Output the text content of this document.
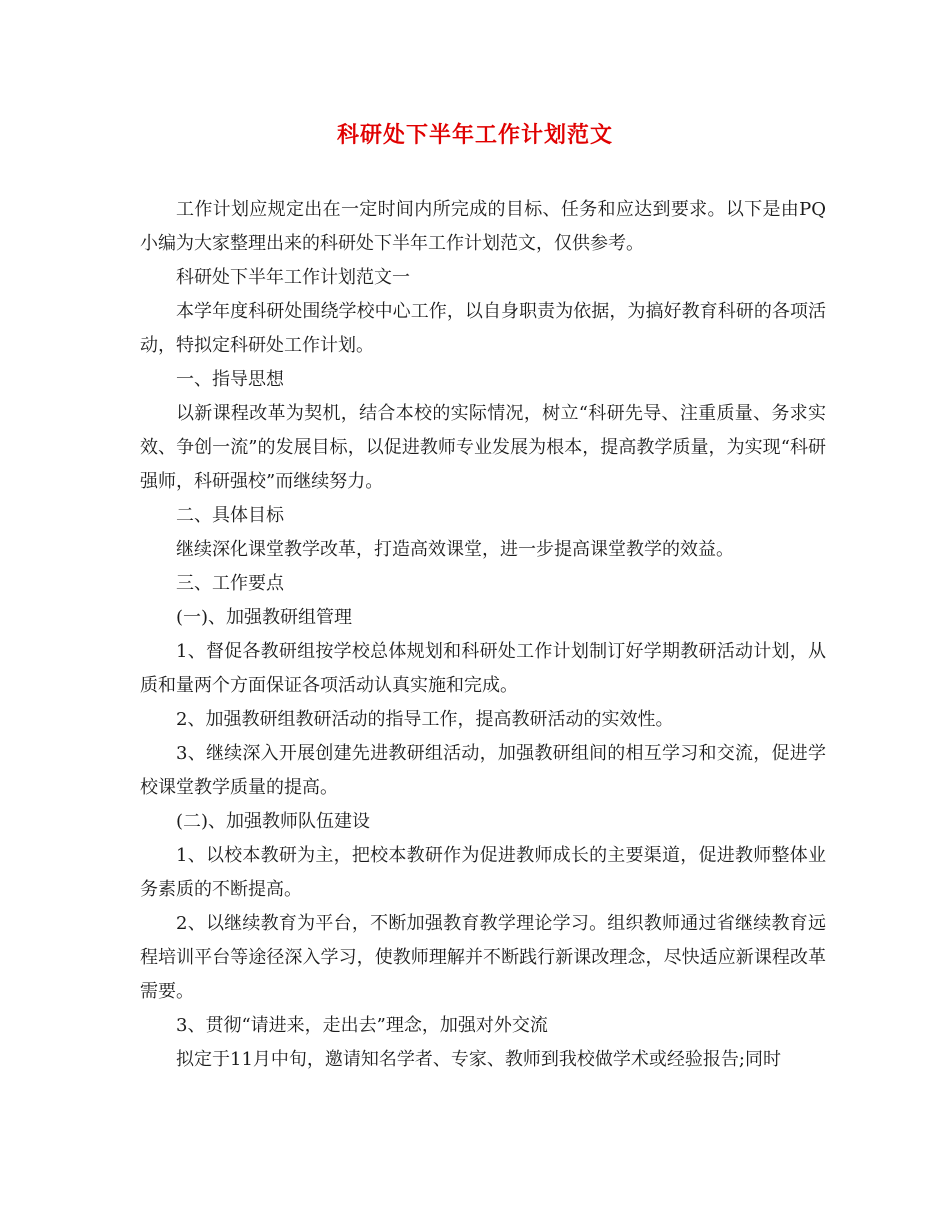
科研处下半年工作计划范文

工作计划应规定出在一定时间内所完成的目标、任务和应达到要求。以下是由PQ小编为大家整理出来的科研处下半年工作计划范文，仅供参考。

科研处下半年工作计划范文一

本学年度科研处围绕学校中心工作，以自身职责为依据，为搞好教育科研的各项活动，特拟定科研处工作计划。

一、指导思想

以新课程改革为契机，结合本校的实际情况，树立“科研先导、注重质量、务求实效、争创一流”的发展目标，以促进教师专业发展为根本，提高教学质量，为实现“科研强师，科研强校”而继续努力。

二、具体目标

继续深化课堂教学改革，打造高效课堂，进一步提高课堂教学的效益。

三、工作要点

(一)、加强教研组管理

1、督促各教研组按学校总体规划和科研处工作计划制订好学期教研活动计划，从质和量两个方面保证各项活动认真实施和完成。

2、加强教研组教研活动的指导工作，提高教研活动的实效性。

3、继续深入开展创建先进教研组活动，加强教研组间的相互学习和交流，促进学校课堂教学质量的提高。

(二)、加强教师队伍建设

1、以校本教研为主，把校本教研作为促进教师成长的主要渠道，促进教师整体业务素质的不断提高。

2、以继续教育为平台，不断加强教育教学理论学习。组织教师通过省继续教育远程培训平台等途径深入学习，使教师理解并不断践行新课改理念，尽快适应新课程改革需要。

3、贯彻“请进来，走出去”理念，加强对外交流

拟定于11月中旬，邀请知名学者、专家、教师到我校做学术或经验报告;同时
